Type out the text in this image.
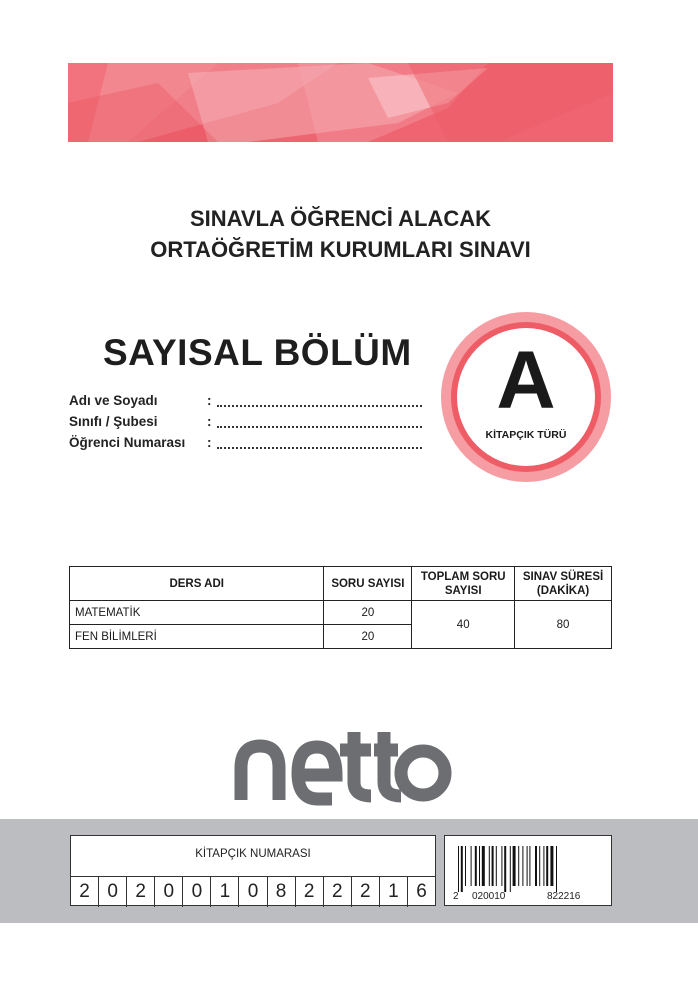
SINAVLA ÖĞRENCİ ALACAK
ORTAÖĞRETİM KURUMLARI SINAVI
SAYISAL BÖLÜM
Adı ve Soyadı	:
Sınıfı / Şubesi	:
Öğrenci Numarası :
A
KİTAPÇIK TÜRÜ
DERS ADI	SORU SAYISI	TOPLAM SORU SAYISI	SINAV SÜRESİ (DAKİKA)
MATEMATİK	20	40	80
FEN BİLİMLERİ	20		
KİTAPÇIK NUMARASI
2 0 2 0 0 1 0 8 2 2 2 1 6	2 020010	822216
